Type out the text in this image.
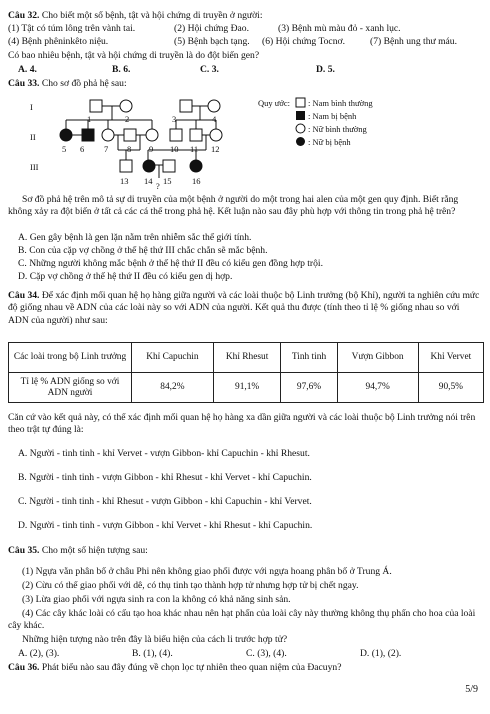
Câu 32. Cho biết một số bệnh, tật và hội chứng di truyền ở người:
(1) Tật có túm lông trên vành tai.	(2) Hội chứng Đao.	(3) Bệnh mù màu đỏ - xanh lục.
(4) Bệnh phêninkêto niệu.	(5) Bệnh bạch tạng. (6) Hội chứng Tocnơ.	(7) Bệnh ung thư máu.
Có bao nhiêu bệnh, tật và hội chứng di truyền là do đột biến gen?
A. 4.	B. 6.	C. 3.	D. 5.
Câu 33. Cho sơ đồ phả hệ sau:
I
II
III
1	2	3	4
5 6 7 8 9 10 11 12
13 14 15 16
?
Quy ước: : Nam bình thường
: Nam bị bệnh
: Nữ bình thường
: Nữ bị bệnh
Sơ đồ phả hệ trên mô tả sự di truyền của một bệnh ở người do một trong hai alen của một gen quy định. Biết rằng không xảy ra đột biến ở tất cả các cá thể trong phả hệ. Kết luận nào sau đây phù hợp với thông tin trong phả hệ trên?
A. Gen gây bệnh là gen lặn nằm trên nhiễm sắc thể giới tính.
B. Con của cặp vợ chồng ở thế hệ thứ III chắc chắn sẽ mắc bệnh.
C. Những người không mắc bệnh ở thế hệ thứ II đều có kiểu gen đồng hợp trội.
D. Cặp vợ chồng ở thế hệ thứ II đều có kiểu gen dị hợp.
Câu 34. Để xác định mối quan hệ họ hàng giữa người và các loài thuộc bộ Linh trưởng (bộ Khỉ), người ta nghiên cứu mức độ giống nhau về ADN của các loài này so với ADN của người. Kết quả thu được (tính theo tỉ lệ % giống nhau so với ADN của người) như sau:
Các loài trong bộ Linh trưởng	Khỉ Capuchin	Khỉ Rhesut	Tinh tinh	Vượn Gibbon	Khỉ Vervet
Tỉ lệ % ADN giống so với ADN người	84,2%	91,1%	97,6%	94,7%	90,5%
Căn cứ vào kết quả này, có thể xác định mối quan hệ họ hàng xa dần giữa người và các loài thuộc bộ Linh trưởng nói trên theo trật tự đúng là:
A. Người - tinh tinh - khỉ Vervet - vượn Gibbon- khỉ Capuchin - khỉ Rhesut.
B. Người - tinh tinh - vượn Gibbon - khỉ Rhesut - khỉ Vervet - khỉ Capuchin.
C. Người - tinh tinh - khỉ Rhesut - vượn Gibbon - khỉ Capuchin - khỉ Vervet.
D. Người - tinh tinh - vượn Gibbon - khỉ Vervet - khỉ Rhesut - khỉ Capuchin.
Câu 35. Cho một số hiện tượng sau:
(1) Ngựa vằn phân bố ở châu Phi nên không giao phối được với ngựa hoang phân bố ở Trung Á.
(2) Cừu có thể giao phối với dê, có thụ tinh tạo thành hợp tử nhưng hợp tử bị chết ngay.
(3) Lừa giao phối với ngựa sinh ra con la không có khả năng sinh sản.
(4) Các cây khác loài có cấu tạo hoa khác nhau nên hạt phấn của loài cây này thường không thụ phấn cho hoa của loài cây khác.
Những hiện tượng nào trên đây là biểu hiện của cách li trước hợp tử?
A. (2), (3).	B. (1), (4).	C. (3), (4).	D. (1), (2).
Câu 36. Phát biểu nào sau đây đúng về chọn lọc tự nhiên theo quan niệm của Đacuyn?
5/9
